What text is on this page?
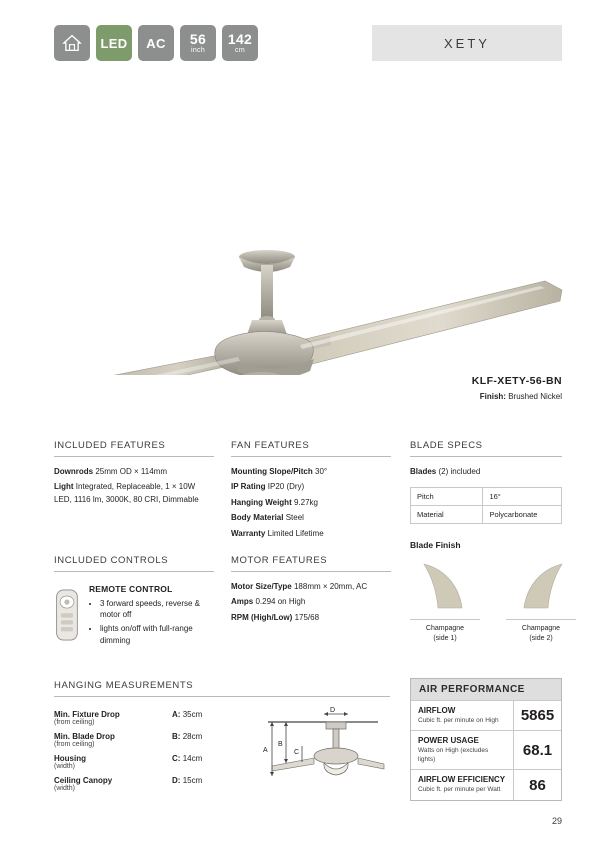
LED AC 56
inch
142
cm	XETY
KLF-XETY-56-BN
Finish: Brushed Nickel
INCLUDED FEATURES

Downrods 25mm OD × 114mm

Light Integrated, Replaceable, 1 × 10W LED, 1116 lm, 3000K, 80 CRI, Dimmable

FAN FEATURES

Mounting Slope/Pitch 30°

IP Rating IP20 (Dry)

Hanging Weight 9.27kg

Body Material Steel

Warranty Limited Lifetime

BLADE SPECS
Blades (2) included
Pitch	16°
Material	Polycarbonate
Blade Finish
Champagne
(side 1)
Champagne
(side 2)
INCLUDED CONTROLS
REMOTE CONTROL
• 3 forward speeds, reverse & motor off
• lights on/off with full-range dimming
MOTOR FEATURES

Motor Size/Type 188mm × 20mm, AC

Amps 0.294 on High

RPM (High/Low) 175/68

HANGING MEASUREMENTS
Min. Fixture Drop
(from ceiling)	A: 35cm
Min. Blade Drop
(from ceiling)	B: 28cm
Housing
(width)	C: 14cm
Ceiling Canopy
(width)	D: 15cm
D
A
B
C
AIR PERFORMANCE
AIRFLOW
Cubic ft. per minute on High	5865
POWER USAGE
Watts on High (excludes lights)
68.1
AIRFLOW EFFICIENCY
Cubic ft. per minute per Watt	86
29
